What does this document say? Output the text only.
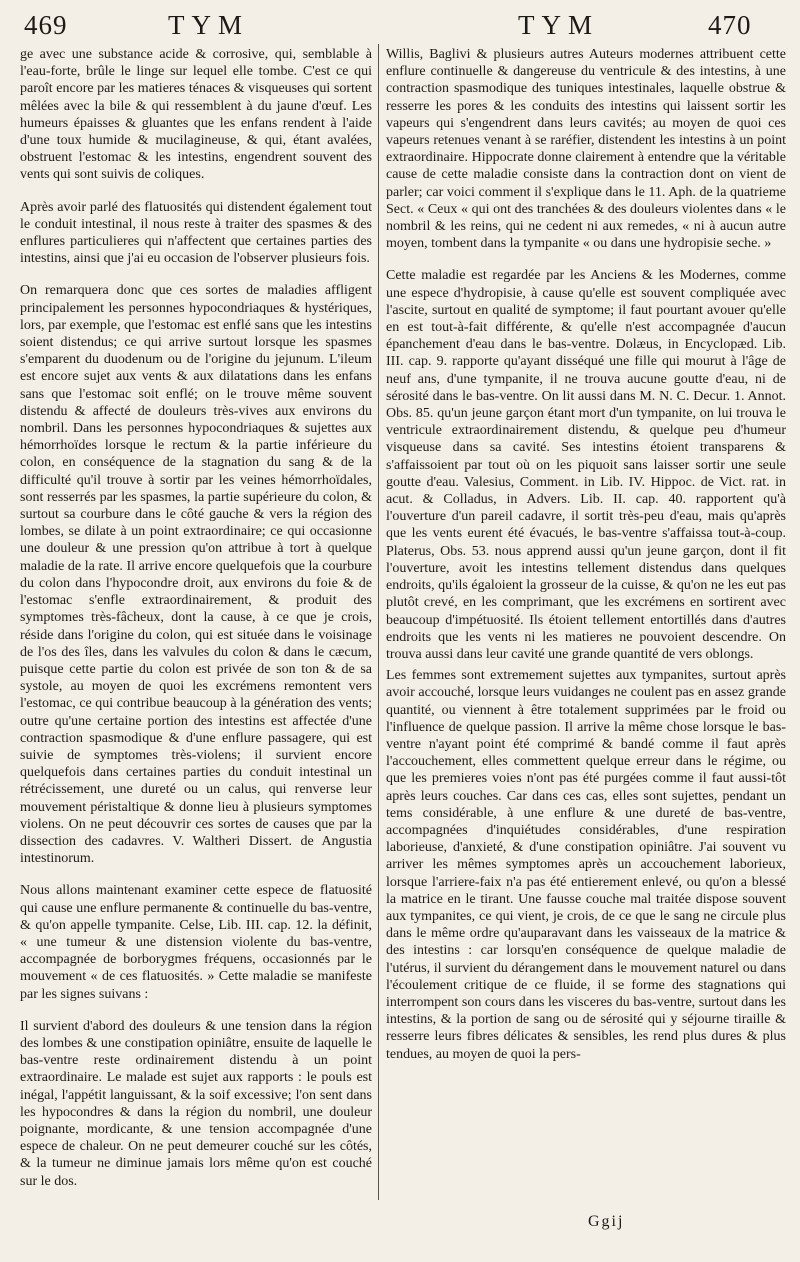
469	TYM	TYM	470

ge avec une substance acide & corrosive, qui, semblable à l'eau-forte, brûle le linge sur lequel elle tombe. C'est ce qui paroît encore par les matieres ténaces & visqueuses qui sortent mêlées avec la bile & qui ressemblent à du jaune d'œuf. Les humeurs épaisses & gluantes que les enfans rendent à l'aide d'une toux humide & mucilagineuse, & qui, étant avalées, obstruent l'estomac & les intestins, engendrent souvent des vents qui sont suivis de coliques.

Après avoir parlé des flatuosités qui distendent également tout le conduit intestinal, il nous reste à traiter des spasmes & des enflures particulieres qui n'affectent que certaines parties des intestins, ainsi que j'ai eu occasion de l'observer plusieurs fois.

On remarquera donc que ces sortes de maladies affligent principalement les personnes hypocondriaques & hystériques, lors, par exemple, que l'estomac est enflé sans que les intestins soient distendus; ce qui arrive surtout lorsque les spasmes s'emparent du duodenum ou de l'origine du jejunum. L'ileum est encore sujet aux vents & aux dilatations dans les enfans sans que l'estomac soit enflé; on le trouve même souvent distendu & affecté de douleurs très-vives aux environs du nombril. Dans les personnes hypocondriaques & sujettes aux hémorrhoïdes lorsque le rectum & la partie inférieure du colon, en conséquence de la stagnation du sang & de la difficulté qu'il trouve à sortir par les veines hémorrhoïdales, sont resserrés par les spasmes, la partie supérieure du colon, & surtout sa courbure dans le côté gauche & vers la région des lombes, se dilate à un point extraordinaire; ce qui occasionne une douleur & une pression qu'on attribue à tort à quelque maladie de la rate. Il arrive encore quelquefois que la courbure du colon dans l'hypocondre droit, aux environs du foie & de l'estomac s'enfle extraordinairement, & produit des symptomes très-fâcheux, dont la cause, à ce que je crois, réside dans l'origine du colon, qui est située dans le voisinage de l'os des îles, dans les valvules du colon & dans le cæcum, puisque cette partie du colon est privée de son ton & de sa systole, au moyen de quoi les excrémens remontent vers l'estomac, ce qui contribue beaucoup à la génération des vents; outre qu'une certaine portion des intestins est affectée d'une contraction spasmodique & d'une enflure passagere, qui est suivie de symptomes très-violens; il survient encore quelquefois dans certaines parties du conduit intestinal un rétrécissement, une dureté ou un calus, qui renverse leur mouvement péristaltique & donne lieu à plusieurs symptomes violens. On ne peut découvrir ces sortes de causes que par la dissection des cadavres. V. Waltheri Dissert. de Angustia intestinorum.

Nous allons maintenant examiner cette espece de flatuosité qui cause une enflure permanente & continuelle du bas-ventre, & qu'on appelle tympanite. Celse, Lib. III. cap. 12. la définit, « une tumeur & une distension violente du bas-ventre, accompagnée de borborygmes fréquens, occasionnés par le mouvement « de ces flatuosités. » Cette maladie se manifeste par les signes suivans :

Il survient d'abord des douleurs & une tension dans la région des lombes & une constipation opiniâtre, ensuite de laquelle le bas-ventre reste ordinairement distendu à un point extraordinaire. Le malade est sujet aux rapports : le pouls est inégal, l'appétit languissant, & la soif excessive; l'on sent dans les hypocondres & dans la région du nombril, une douleur poignante, mordicante, & une tension accompagnée d'une espece de chaleur. On ne peut demeurer couché sur les côtés, & la tumeur ne diminue jamais lors même qu'on est couché sur le dos.

Willis, Baglivi & plusieurs autres Auteurs modernes attribuent cette enflure continuelle & dangereuse du ventricule & des intestins, à une contraction spasmodique des tuniques intestinales, laquelle obstrue & resserre les pores & les conduits des intestins qui laissent sortir les vapeurs qui s'engendrent dans leurs cavités; au moyen de quoi ces vapeurs retenues venant à se raréfier, distendent les intestins à un point extraordinaire. Hippocrate donne clairement à entendre que la véritable cause de cette maladie consiste dans la contraction dont on vient de parler; car voici comment il s'explique dans le 11. Aph. de la quatrieme Sect. « Ceux « qui ont des tranchées & des douleurs violentes dans « le nombril & les reins, qui ne cedent ni aux remedes, « ni à aucun autre moyen, tombent dans la tympanite « ou dans une hydropisie seche. »

Cette maladie est regardée par les Anciens & les Modernes, comme une espece d'hydropisie, à cause qu'elle est souvent compliquée avec l'ascite, surtout en qualité de symptome; il faut pourtant avouer qu'elle en est tout-à-fait différente, & qu'elle n'est accompagnée d'aucun épanchement d'eau dans le bas-ventre. Dolæus, in Encyclopæd. Lib. III. cap. 9. rapporte qu'ayant disséqué une fille qui mourut à l'âge de neuf ans, d'une tympanite, il ne trouva aucune goutte d'eau, ni de sérosité dans le bas-ventre. On lit aussi dans M. N. C. Decur. 1. Annot. Obs. 85. qu'un jeune garçon étant mort d'un tympanite, on lui trouva le ventricule extraordinairement distendu, & quelque peu d'humeur visqueuse dans sa cavité. Ses intestins étoient transparens & s'affaissoient par tout où on les piquoit sans laisser sortir une seule goutte d'eau. Valesius, Comment. in Lib. IV. Hippoc. de Vict. rat. in acut. & Colladus, in Advers. Lib. II. cap. 40. rapportent qu'à l'ouverture d'un pareil cadavre, il sortit très-peu d'eau, mais qu'après que les vents eurent été évacués, le bas-ventre s'affaissa tout-à-coup. Platerus, Obs. 53. nous apprend aussi qu'un jeune garçon, dont il fit l'ouverture, avoit les intestins tellement distendus dans quelques endroits, qu'ils égaloient la grosseur de la cuisse, & qu'on ne les eut pas plutôt crevé, en les comprimant, que les excrémens en sortirent avec beaucoup d'impétuosité. Ils étoient tellement entortillés dans d'autres endroits que les vents ni les matieres ne pouvoient descendre. On trouva aussi dans leur cavité une grande quantité de vers oblongs.

Les femmes sont extremement sujettes aux tympanites, surtout après avoir accouché, lorsque leurs vuidanges ne coulent pas en assez grande quantité, ou viennent à être totalement supprimées par le froid ou l'influence de quelque passion. Il arrive la même chose lorsque le bas-ventre n'ayant point été comprimé & bandé comme il faut après l'accouchement, elles commettent quelque erreur dans le régime, ou que les premieres voies n'ont pas été purgées comme il faut aussi-tôt après leurs couches. Car dans ces cas, elles sont sujettes, pendant un tems considérable, à une enflure & une dureté de bas-ventre, accompagnées d'inquiétudes considérables, d'une respiration laborieuse, d'anxieté, & d'une constipation opiniâtre. J'ai souvent vu arriver les mêmes symptomes après un accouchement laborieux, lorsque l'arriere-faix n'a pas été entierement enlevé, ou qu'on a blessé la matrice en le tirant. Une fausse couche mal traitée dispose souvent aux tympanites, ce qui vient, je crois, de ce que le sang ne circule plus dans le même ordre qu'auparavant dans les vaisseaux de la matrice & des intestins : car lorsqu'en conséquence de quelque maladie de l'utérus, il survient du dérangement dans le mouvement naturel ou dans l'écoulement critique de ce fluide, il se forme des stagnations qui interrompent son cours dans les visceres du bas-ventre, surtout dans les intestins, & la portion de sang ou de sérosité qui y séjourne tiraille & resserre leurs fibres délicates & sensibles, les rend plus dures & plus tendues, au moyen de quoi la pers-

Ggij
